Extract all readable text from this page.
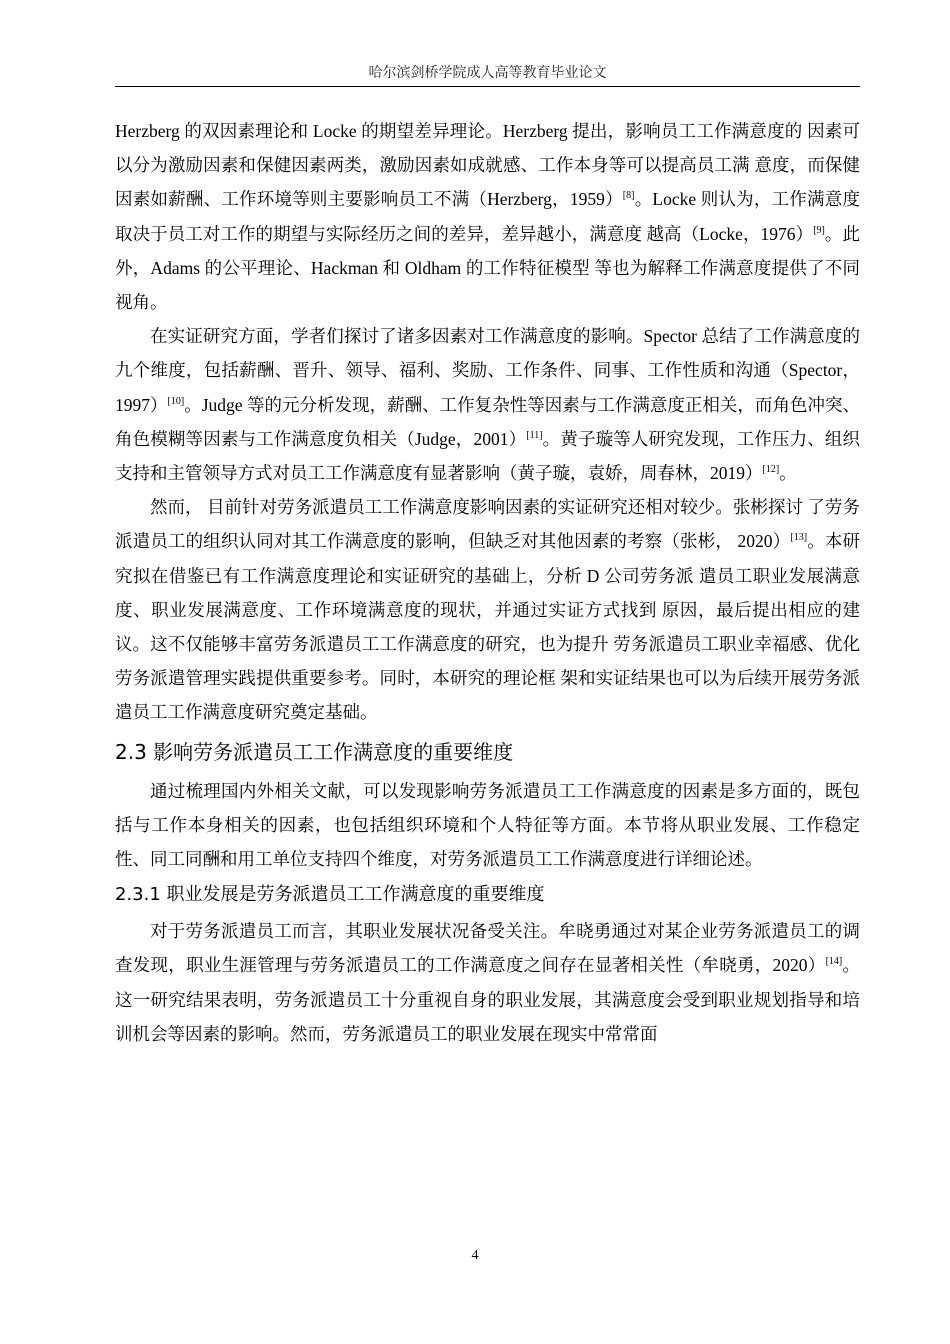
哈尔滨剑桥学院成人高等教育毕业论文

Herzberg 的双因素理论和 Locke 的期望差异理论。Herzberg 提出，影响员工工作满意度的 因素可以分为激励因素和保健因素两类，激励因素如成就感、工作本身等可以提高员工满 意度，而保健因素如薪酬、工作环境等则主要影响员工不满（Herzberg，1959）[8]。Locke 则认为，工作满意度取决于员工对工作的期望与实际经历之间的差异，差异越小，满意度 越高（Locke，1976）[9]。此外，Adams 的公平理论、Hackman 和 Oldham 的工作特征模型 等也为解释工作满意度提供了不同视角。

在实证研究方面，学者们探讨了诸多因素对工作满意度的影响。Spector 总结了工作满意度的九个维度，包括薪酬、晋升、领导、福利、奖励、工作条件、同事、工作性质和沟通（Spector，1997）[10]。Judge 等的元分析发现，薪酬、工作复杂性等因素与工作满意度正相关，而角色冲突、角色模糊等因素与工作满意度负相关（Judge，2001）[11]。黄子璇等人研究发现，工作压力、组织支持和主管领导方式对员工工作满意度有显著影响（黄子璇，袁娇，周春林，2019）[12]。

然而， 目前针对劳务派遣员工工作满意度影响因素的实证研究还相对较少。张彬探讨 了劳务派遣员工的组织认同对其工作满意度的影响，但缺乏对其他因素的考察（张彬， 2020）[13]。本研究拟在借鉴已有工作满意度理论和实证研究的基础上，分析 D 公司劳务派 遣员工职业发展满意度、职业发展满意度、工作环境满意度的现状，并通过实证方式找到 原因，最后提出相应的建议。这不仅能够丰富劳务派遣员工工作满意度的研究，也为提升 劳务派遣员工职业幸福感、优化劳务派遣管理实践提供重要参考。同时，本研究的理论框 架和实证结果也可以为后续开展劳务派遣员工工作满意度研究奠定基础。

2.3 影响劳务派遣员工工作满意度的重要维度

通过梳理国内外相关文献，可以发现影响劳务派遣员工工作满意度的因素是多方面的，既包括与工作本身相关的因素，也包括组织环境和个人特征等方面。本节将从职业发展、工作稳定性、同工同酬和用工单位支持四个维度，对劳务派遣员工工作满意度进行详细论述。

2.3.1 职业发展是劳务派遣员工工作满意度的重要维度

对于劳务派遣员工而言，其职业发展状况备受关注。牟晓勇通过对某企业劳务派遣员工的调查发现，职业生涯管理与劳务派遣员工的工作满意度之间存在显著相关性（牟晓勇，2020）[14]。这一研究结果表明，劳务派遣员工十分重视自身的职业发展，其满意度会受到职业规划指导和培训机会等因素的影响。然而，劳务派遣员工的职业发展在现实中常常面

4
